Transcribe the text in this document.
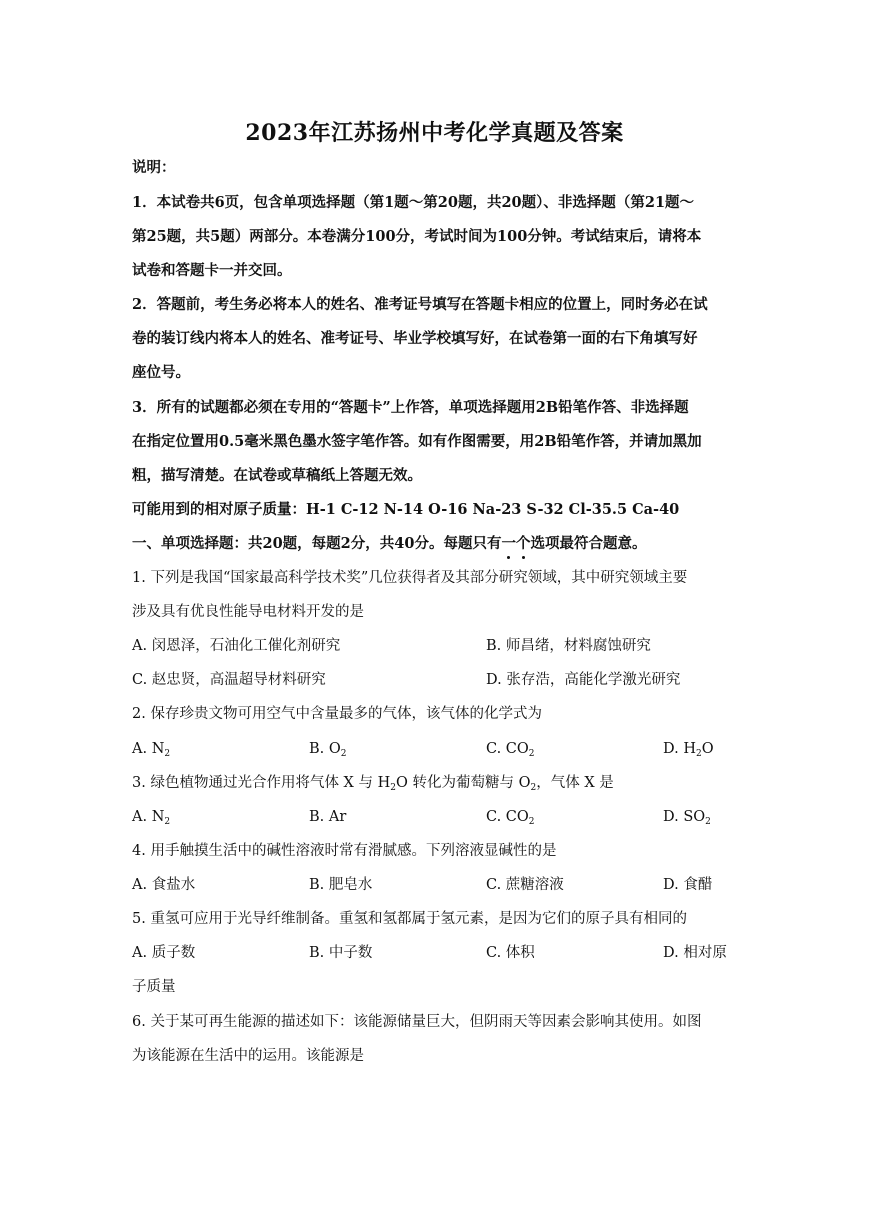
2023年江苏扬州中考化学真题及答案
说明：
1．本试卷共6页，包含单项选择题（第1题～第20题，共20题）、非选择题（第21题～
第25题，共5题）两部分。本卷满分100分，考试时间为100分钟。考试结束后，请将本
试卷和答题卡一并交回。
2．答题前，考生务必将本人的姓名、准考证号填写在答题卡相应的位置上，同时务必在试
卷的装订线内将本人的姓名、准考证号、毕业学校填写好，在试卷第一面的右下角填写好
座位号。
3．所有的试题都必须在专用的“答题卡”上作答，单项选择题用2B铅笔作答、非选择题
在指定位置用0.5毫米黑色墨水签字笔作答。如有作图需要，用2B铅笔作答，并请加黑加
粗，描写清楚。在试卷或草稿纸上答题无效。
可能用到的相对原子质量：H-1 C-12 N-14 O-16 Na-23 S-32 Cl-35.5 Ca-40
一、单项选择题：共20题，每题2分，共40分。每题只有一个选项最符合题意。
1. 下列是我国“国家最高科学技术奖”几位获得者及其部分研究领域，其中研究领域主要
涉及具有优良性能导电材料开发的是
A. 闵恩泽，石油化工催化剂研究	B. 师昌绪，材料腐蚀研究
C. 赵忠贤，高温超导材料研究	D. 张存浩，高能化学激光研究
2. 保存珍贵文物可用空气中含量最多的气体，该气体的化学式为
A. $N_2$	B. $O_2$	C. $CO_2$	D. $H_2O$
3. 绿色植物通过光合作用将气体 X 与 $H_2O$ 转化为葡萄糖与 $O_2$，气体 X 是
A. $N_2$	B. Ar	C. $CO_2$	D. $SO_2$
4. 用手触摸生活中的碱性溶液时常有滑腻感。下列溶液显碱性的是
A. 食盐水	B. 肥皂水	C. 蔗糖溶液	D. 食醋
5. 重氢可应用于光导纤维制备。重氢和氢都属于氢元素，是因为它们的原子具有相同的
A. 质子数	B. 中子数	C. 体积	D. 相对原
子质量
6. 关于某可再生能源的描述如下：该能源储量巨大，但阴雨天等因素会影响其使用。如图
为该能源在生活中的运用。该能源是
